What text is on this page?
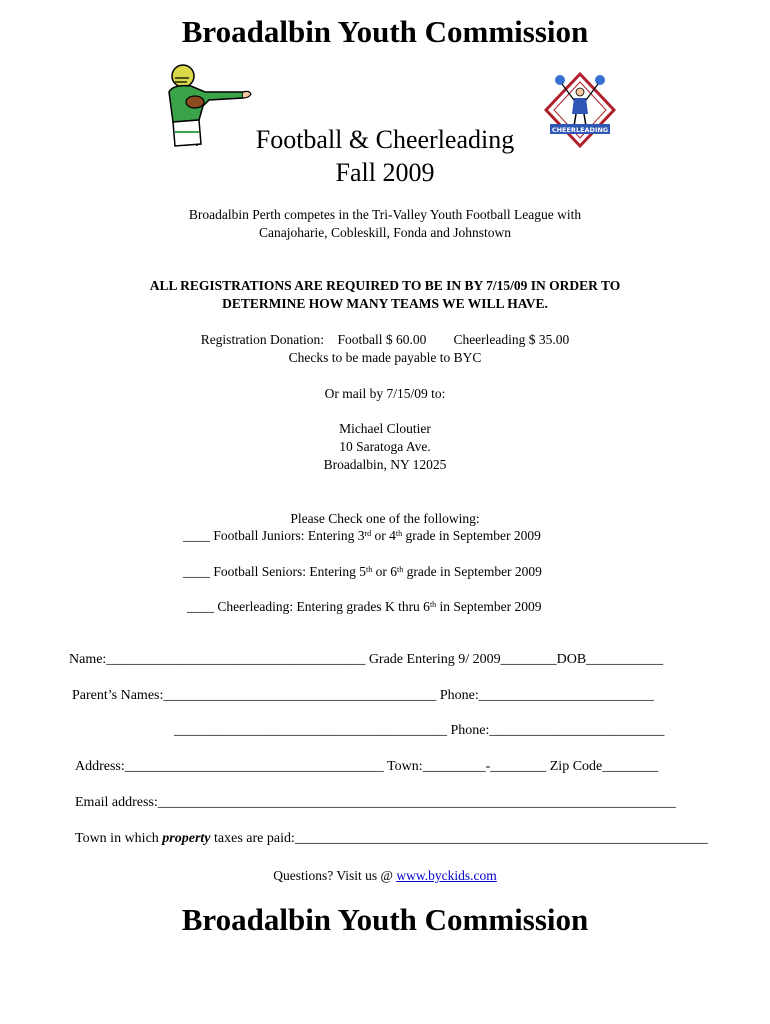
Broadalbin Youth Commission
CHEERLEADING
Football & Cheerleading
Fall 2009
Broadalbin Perth competes in the Tri-Valley Youth Football League with
Canajoharie, Cobleskill, Fonda and Johnstown
ALL REGISTRATIONS ARE REQUIRED TO BE IN BY 7/15/09 IN ORDER TO
DETERMINE HOW MANY TEAMS WE WILL HAVE.
Registration Donation: Football $ 60.00 Cheerleading $ 35.00
Checks to be made payable to BYC
Or mail by 7/15/09 to:
Michael Cloutier
10 Saratoga Ave.
Broadalbin, NY 12025
Please Check one of the following:
____ Football Juniors: Entering 3rd or 4th grade in September 2009
____ Football Seniors: Entering 5th or 6th grade in September 2009
____ Cheerleading: Entering grades K thru 6th in September 2009
Name:_____________________________________ Grade Entering 9/ 2009________DOB___________
Parent’s Names:_______________________________________ Phone:_________________________
_______________________________________ Phone:_________________________
Address:_____________________________________ Town:_________-________ Zip Code________
Email address:__________________________________________________________________________
Town in which property taxes are paid:___________________________________________________________
Questions? Visit us @ www.byckids.com
Broadalbin Youth Commission
